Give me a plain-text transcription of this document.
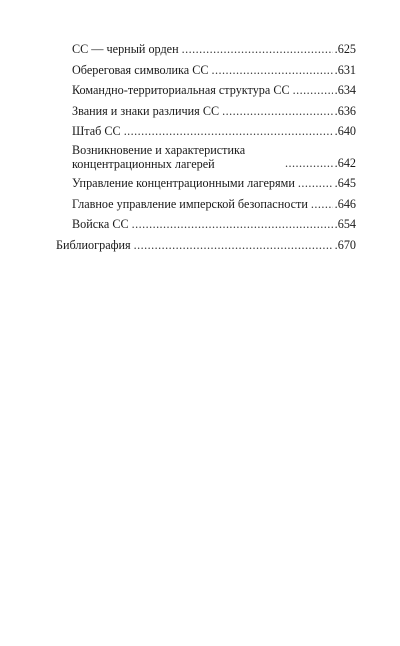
СС — черный орден . . .	.625
Обереговая символика СС . . .	.631
Командно-территориальная структура СС . . .	.634
Звания и знаки различия СС . . .	.636
Штаб СС . . .	.640
Возникновение и характеристика концентрационных лагерей . . .	.642
Управление концентрационными лагерями . . .	.645
Главное управление имперской безопасности . . . .646
Войска СС . . .	.654
Библиография . . .	.670
